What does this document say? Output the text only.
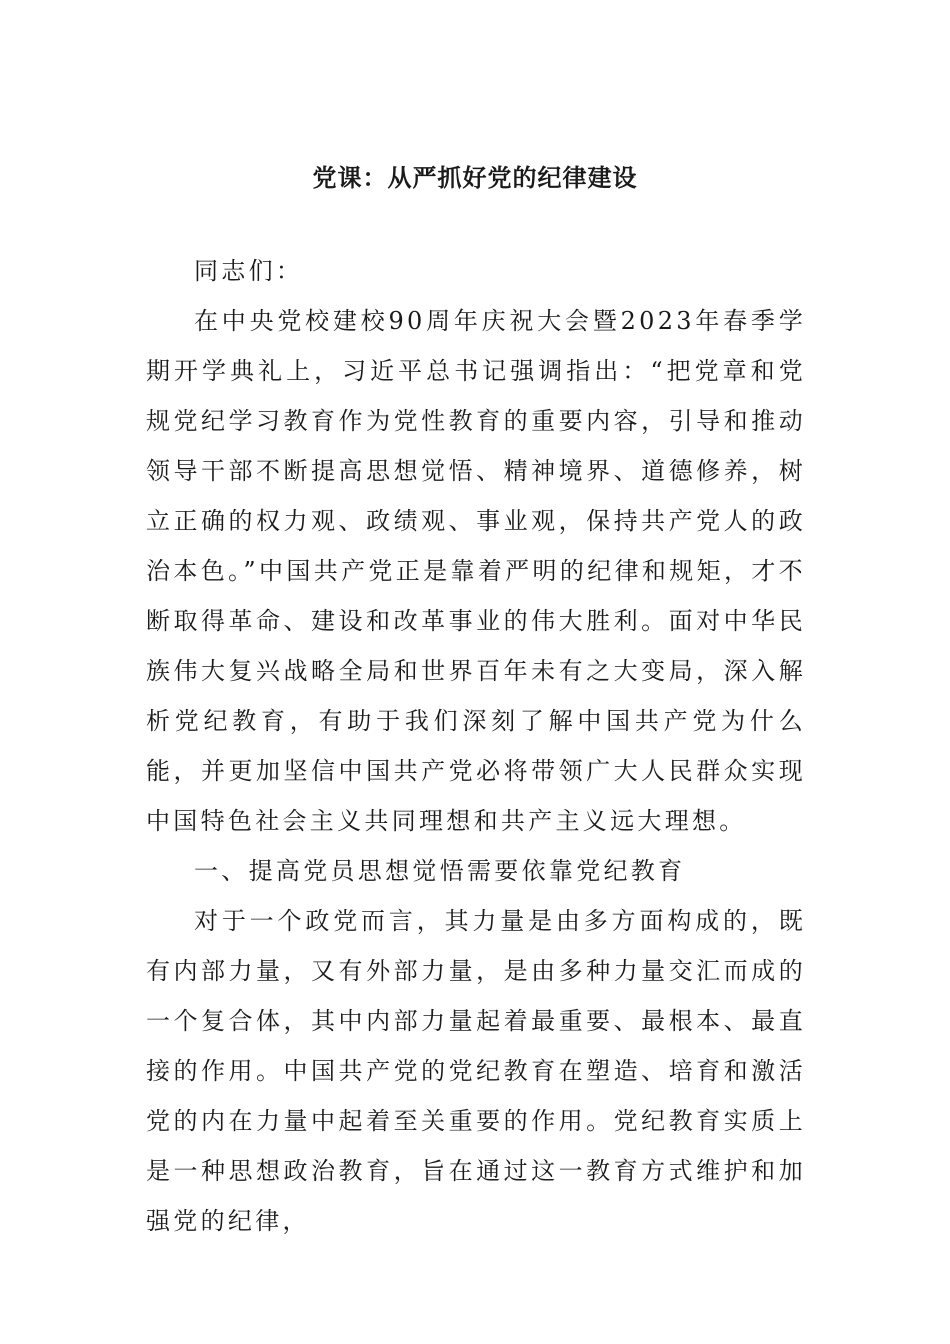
党课：从严抓好党的纪律建设

同志们：

在中央党校建校90周年庆祝大会暨2023年春季学期开学典礼上，习近平总书记强调指出：“把党章和党规党纪学习教育作为党性教育的重要内容，引导和推动领导干部不断提高思想觉悟、精神境界、道德修养，树立正确的权力观、政绩观、事业观，保持共产党人的政治本色。”中国共产党正是靠着严明的纪律和规矩，才不断取得革命、建设和改革事业的伟大胜利。面对中华民族伟大复兴战略全局和世界百年未有之大变局，深入解析党纪教育，有助于我们深刻了解中国共产党为什么能，并更加坚信中国共产党必将带领广大人民群众实现中国特色社会主义共同理想和共产主义远大理想。

一、提高党员思想觉悟需要依靠党纪教育

对于一个政党而言，其力量是由多方面构成的，既有内部力量，又有外部力量，是由多种力量交汇而成的一个复合体，其中内部力量起着最重要、最根本、最直接的作用。中国共产党的党纪教育在塑造、培育和激活党的内在力量中起着至关重要的作用。党纪教育实质上是一种思想政治教育，旨在通过这一教育方式维护和加强党的纪律，
